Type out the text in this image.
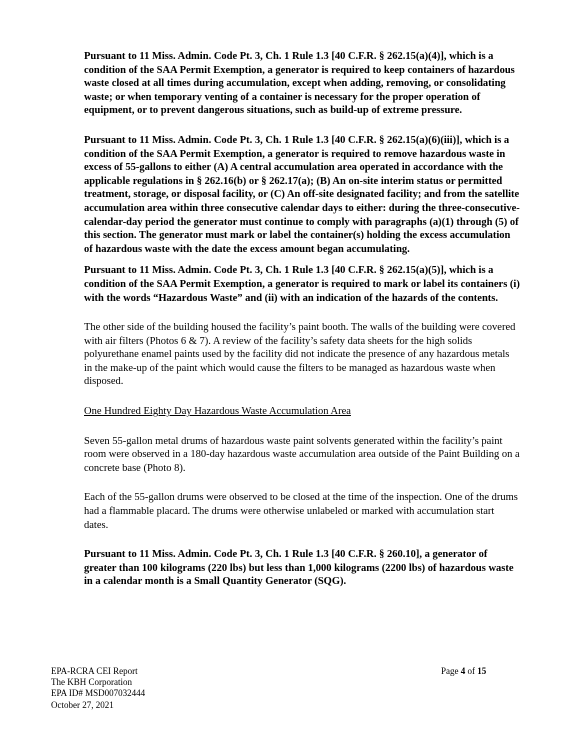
Pursuant to 11 Miss. Admin. Code Pt. 3, Ch. 1 Rule 1.3 [40 C.F.R. § 262.15(a)(4)], which is a condition of the SAA Permit Exemption, a generator is required to keep containers of hazardous waste closed at all times during accumulation, except when adding, removing, or consolidating waste; or when temporary venting of a container is necessary for the proper operation of equipment, or to prevent dangerous situations, such as build-up of extreme pressure.

Pursuant to 11 Miss. Admin. Code Pt. 3, Ch. 1 Rule 1.3 [40 C.F.R. § 262.15(a)(6)(iii)], which is a condition of the SAA Permit Exemption, a generator is required to remove hazardous waste in excess of 55-gallons to either (A) A central accumulation area operated in accordance with the applicable regulations in § 262.16(b) or § 262.17(a); (B) An on-site interim status or permitted treatment, storage, or disposal facility, or (C) An off-site designated facility; and from the satellite accumulation area within three consecutive calendar days to either: during the three-consecutive-calendar-day period the generator must continue to comply with paragraphs (a)(1) through (5) of this section. The generator must mark or label the container(s) holding the excess accumulation of hazardous waste with the date the excess amount began accumulating.

Pursuant to 11 Miss. Admin. Code Pt. 3, Ch. 1 Rule 1.3 [40 C.F.R. § 262.15(a)(5)], which is a condition of the SAA Permit Exemption, a generator is required to mark or label its containers (i) with the words “Hazardous Waste” and (ii) with an indication of the hazards of the contents.

The other side of the building housed the facility’s paint booth. The walls of the building were covered with air filters (Photos 6 & 7). A review of the facility’s safety data sheets for the high solids polyurethane enamel paints used by the facility did not indicate the presence of any hazardous metals in the make-up of the paint which would cause the filters to be managed as hazardous waste when disposed.

One Hundred Eighty Day Hazardous Waste Accumulation Area

Seven 55-gallon metal drums of hazardous waste paint solvents generated within the facility’s paint room were observed in a 180-day hazardous waste accumulation area outside of the Paint Building on a concrete base (Photo 8).

Each of the 55-gallon drums were observed to be closed at the time of the inspection. One of the drums had a flammable placard. The drums were otherwise unlabeled or marked with accumulation start dates.

Pursuant to 11 Miss. Admin. Code Pt. 3, Ch. 1 Rule 1.3 [40 C.F.R. § 260.10], a generator of greater than 100 kilograms (220 lbs) but less than 1,000 kilograms (2200 lbs) of hazardous waste in a calendar month is a Small Quantity Generator (SQG).

EPA-RCRA CEI Report
The KBH Corporation
EPA ID# MSD007032444
October 27, 2021
Page 4 of 15
